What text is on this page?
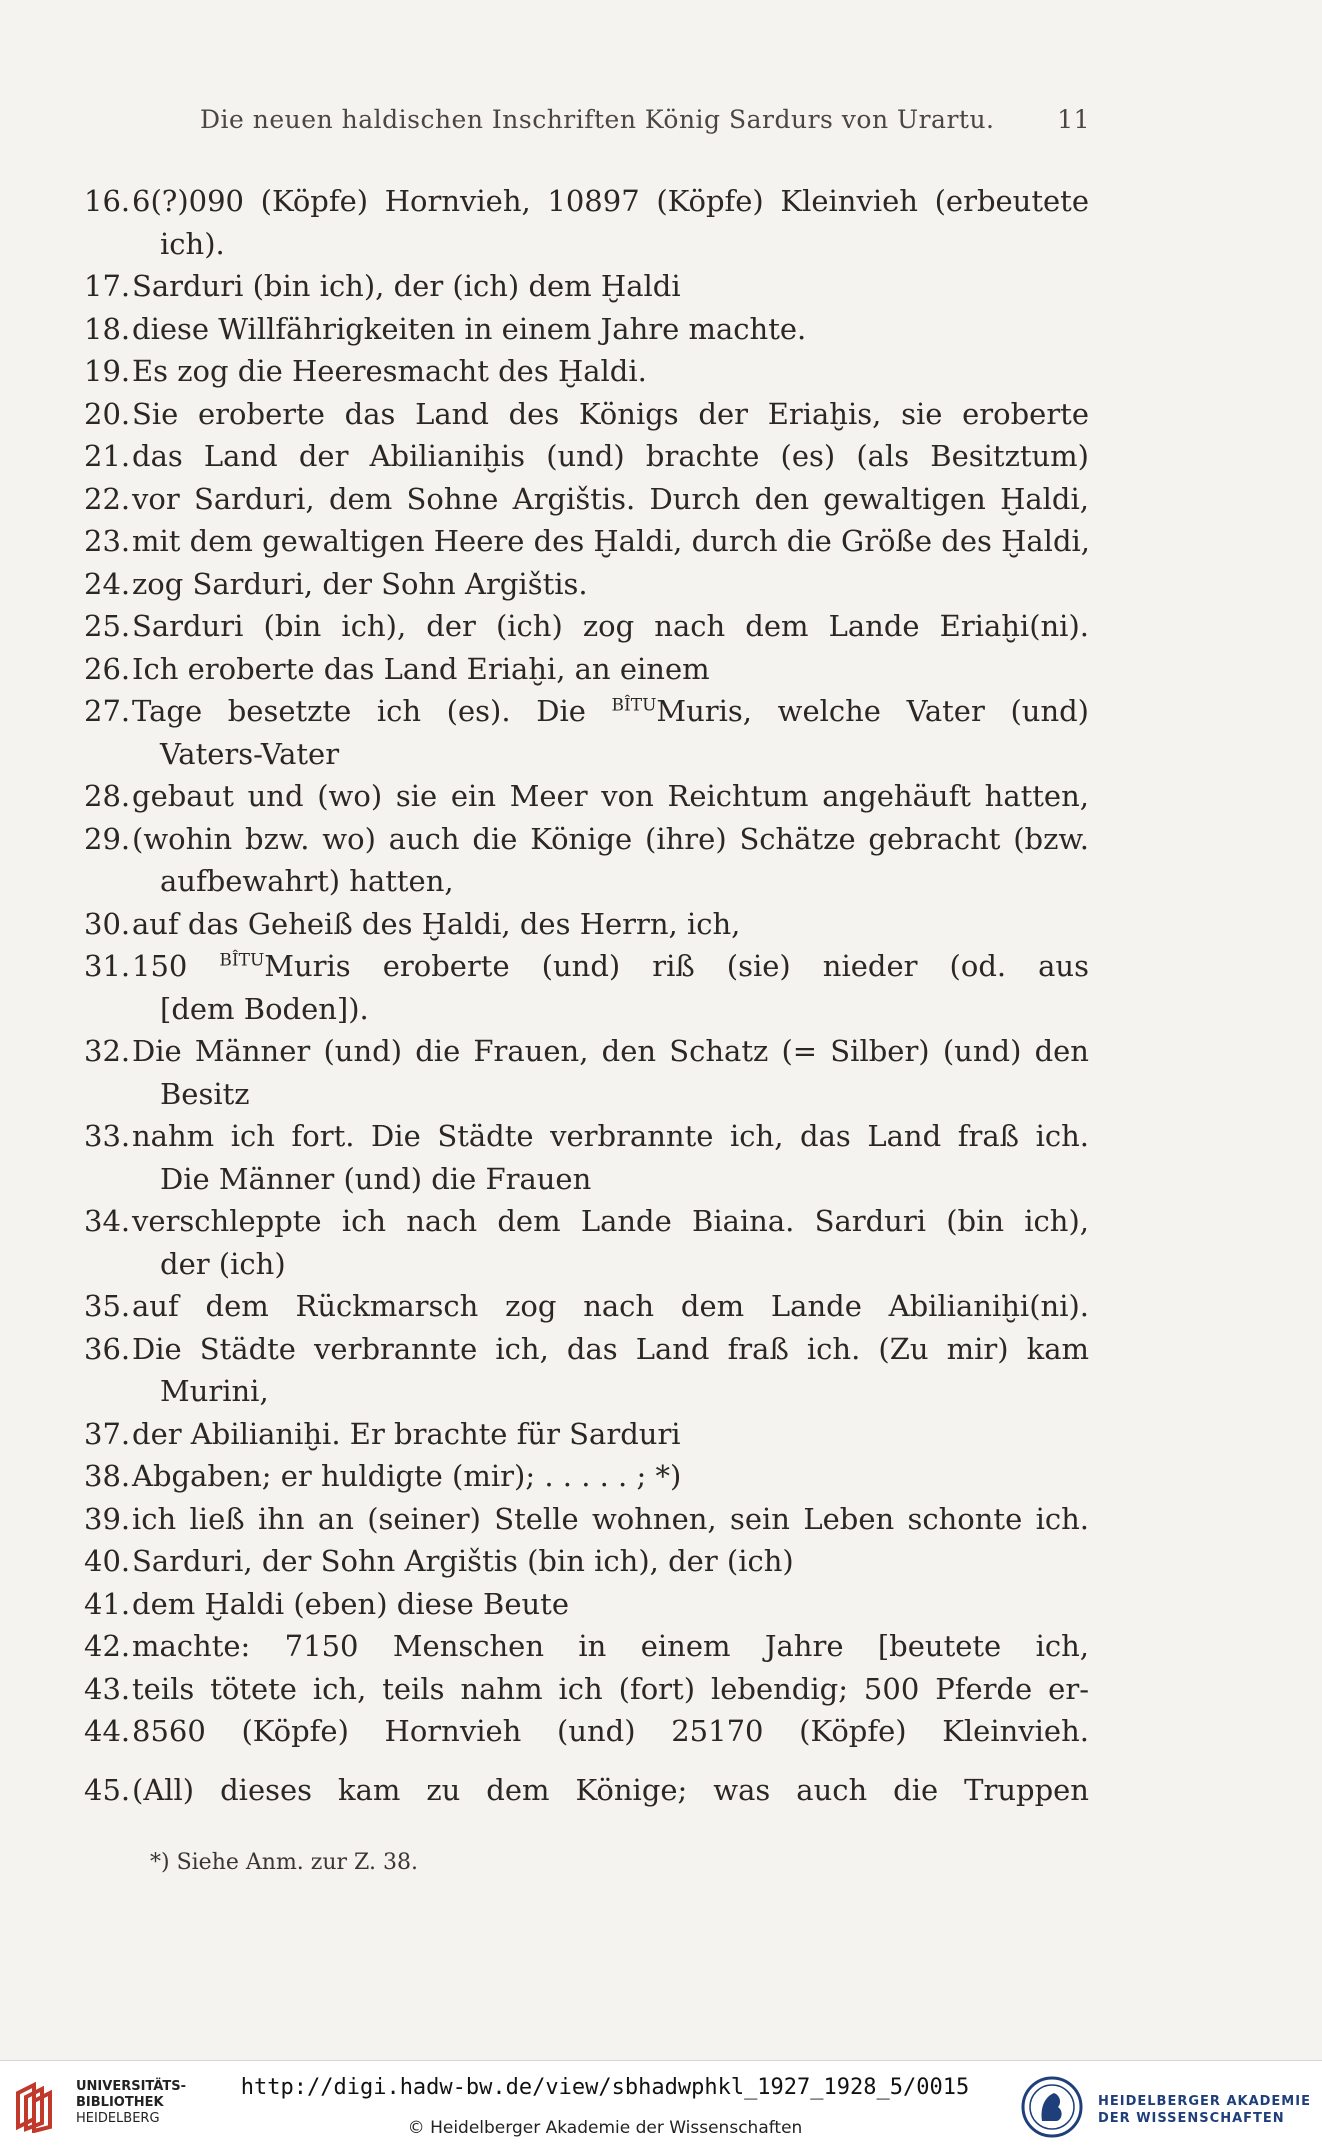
Die neuen haldischen Inschriften König Sardurs von Urartu.	11
16. 6(?)090 (Köpfe) Hornvieh, 10897 (Köpfe) Kleinvieh (erbeutete
ich).
17. Sarduri (bin ich), der (ich) dem Ḫaldi
18. diese Willfährigkeiten in einem Jahre machte.
19. Es zog die Heeresmacht des Ḫaldi.
20. Sie eroberte das Land des Königs der Eriaḫis, sie eroberte
21. das Land der Abilianiḫis (und) brachte (es) (als Besitztum)
22. vor Sarduri, dem Sohne Argištis. Durch den gewaltigen Ḫaldi,
23. mit dem gewaltigen Heere des Ḫaldi, durch die Größe des Ḫaldi,
24. zog Sarduri, der Sohn Argištis.
25. Sarduri (bin ich), der (ich) zog nach dem Lande Eriaḫi(ni).
26. Ich eroberte das Land Eriaḫi, an einem
27. Tage besetzte ich (es). Die $^{BÎTU}$Muris, welche Vater (und)
Vaters-Vater
28. gebaut und (wo) sie ein Meer von Reichtum angehäuft hatten,
29. (wohin bzw. wo) auch die Könige (ihre) Schätze gebracht (bzw.
aufbewahrt) hatten,
30. auf das Geheiß des Ḫaldi, des Herrn, ich,
31. 150 $^{BÎTU}$Muris eroberte (und) riß (sie) nieder (od. aus
[dem Boden]).
32. Die Männer (und) die Frauen, den Schatz (= Silber) (und) den
Besitz
33. nahm ich fort. Die Städte verbrannte ich, das Land fraß ich.
Die Männer (und) die Frauen
34. verschleppte ich nach dem Lande Biaina. Sarduri (bin ich),
der (ich)
35. auf dem Rückmarsch zog nach dem Lande Abilianiḫi(ni).
36. Die Städte verbrannte ich, das Land fraß ich. (Zu mir) kam
Murini,
37. der Abilianiḫi. Er brachte für Sarduri
38. Abgaben; er huldigte (mir); . . . . . ; *)
39. ich ließ ihn an (seiner) Stelle wohnen, sein Leben schonte ich.
40. Sarduri, der Sohn Argištis (bin ich), der (ich)
41. dem Ḫaldi (eben) diese Beute
42. machte: 7150 Menschen in einem Jahre [beutete ich,
43. teils tötete ich, teils nahm ich (fort) lebendig; 500 Pferde er-
44. 8560 (Köpfe) Hornvieh (und) 25170 (Köpfe) Kleinvieh.
45. (All) dieses kam zu dem Könige; was auch die Truppen
*) Siehe Anm. zur Z. 38.
UNIVERSITÄTS-
BIBLIOTHEK
HEIDELBERG
http://digi.hadw-bw.de/view/sbhadwphkl_1927_1928_5/0015
© Heidelberger Akademie der Wissenschaften
HEIDELBERGER AKADEMIE
DER WISSENSCHAFTEN
